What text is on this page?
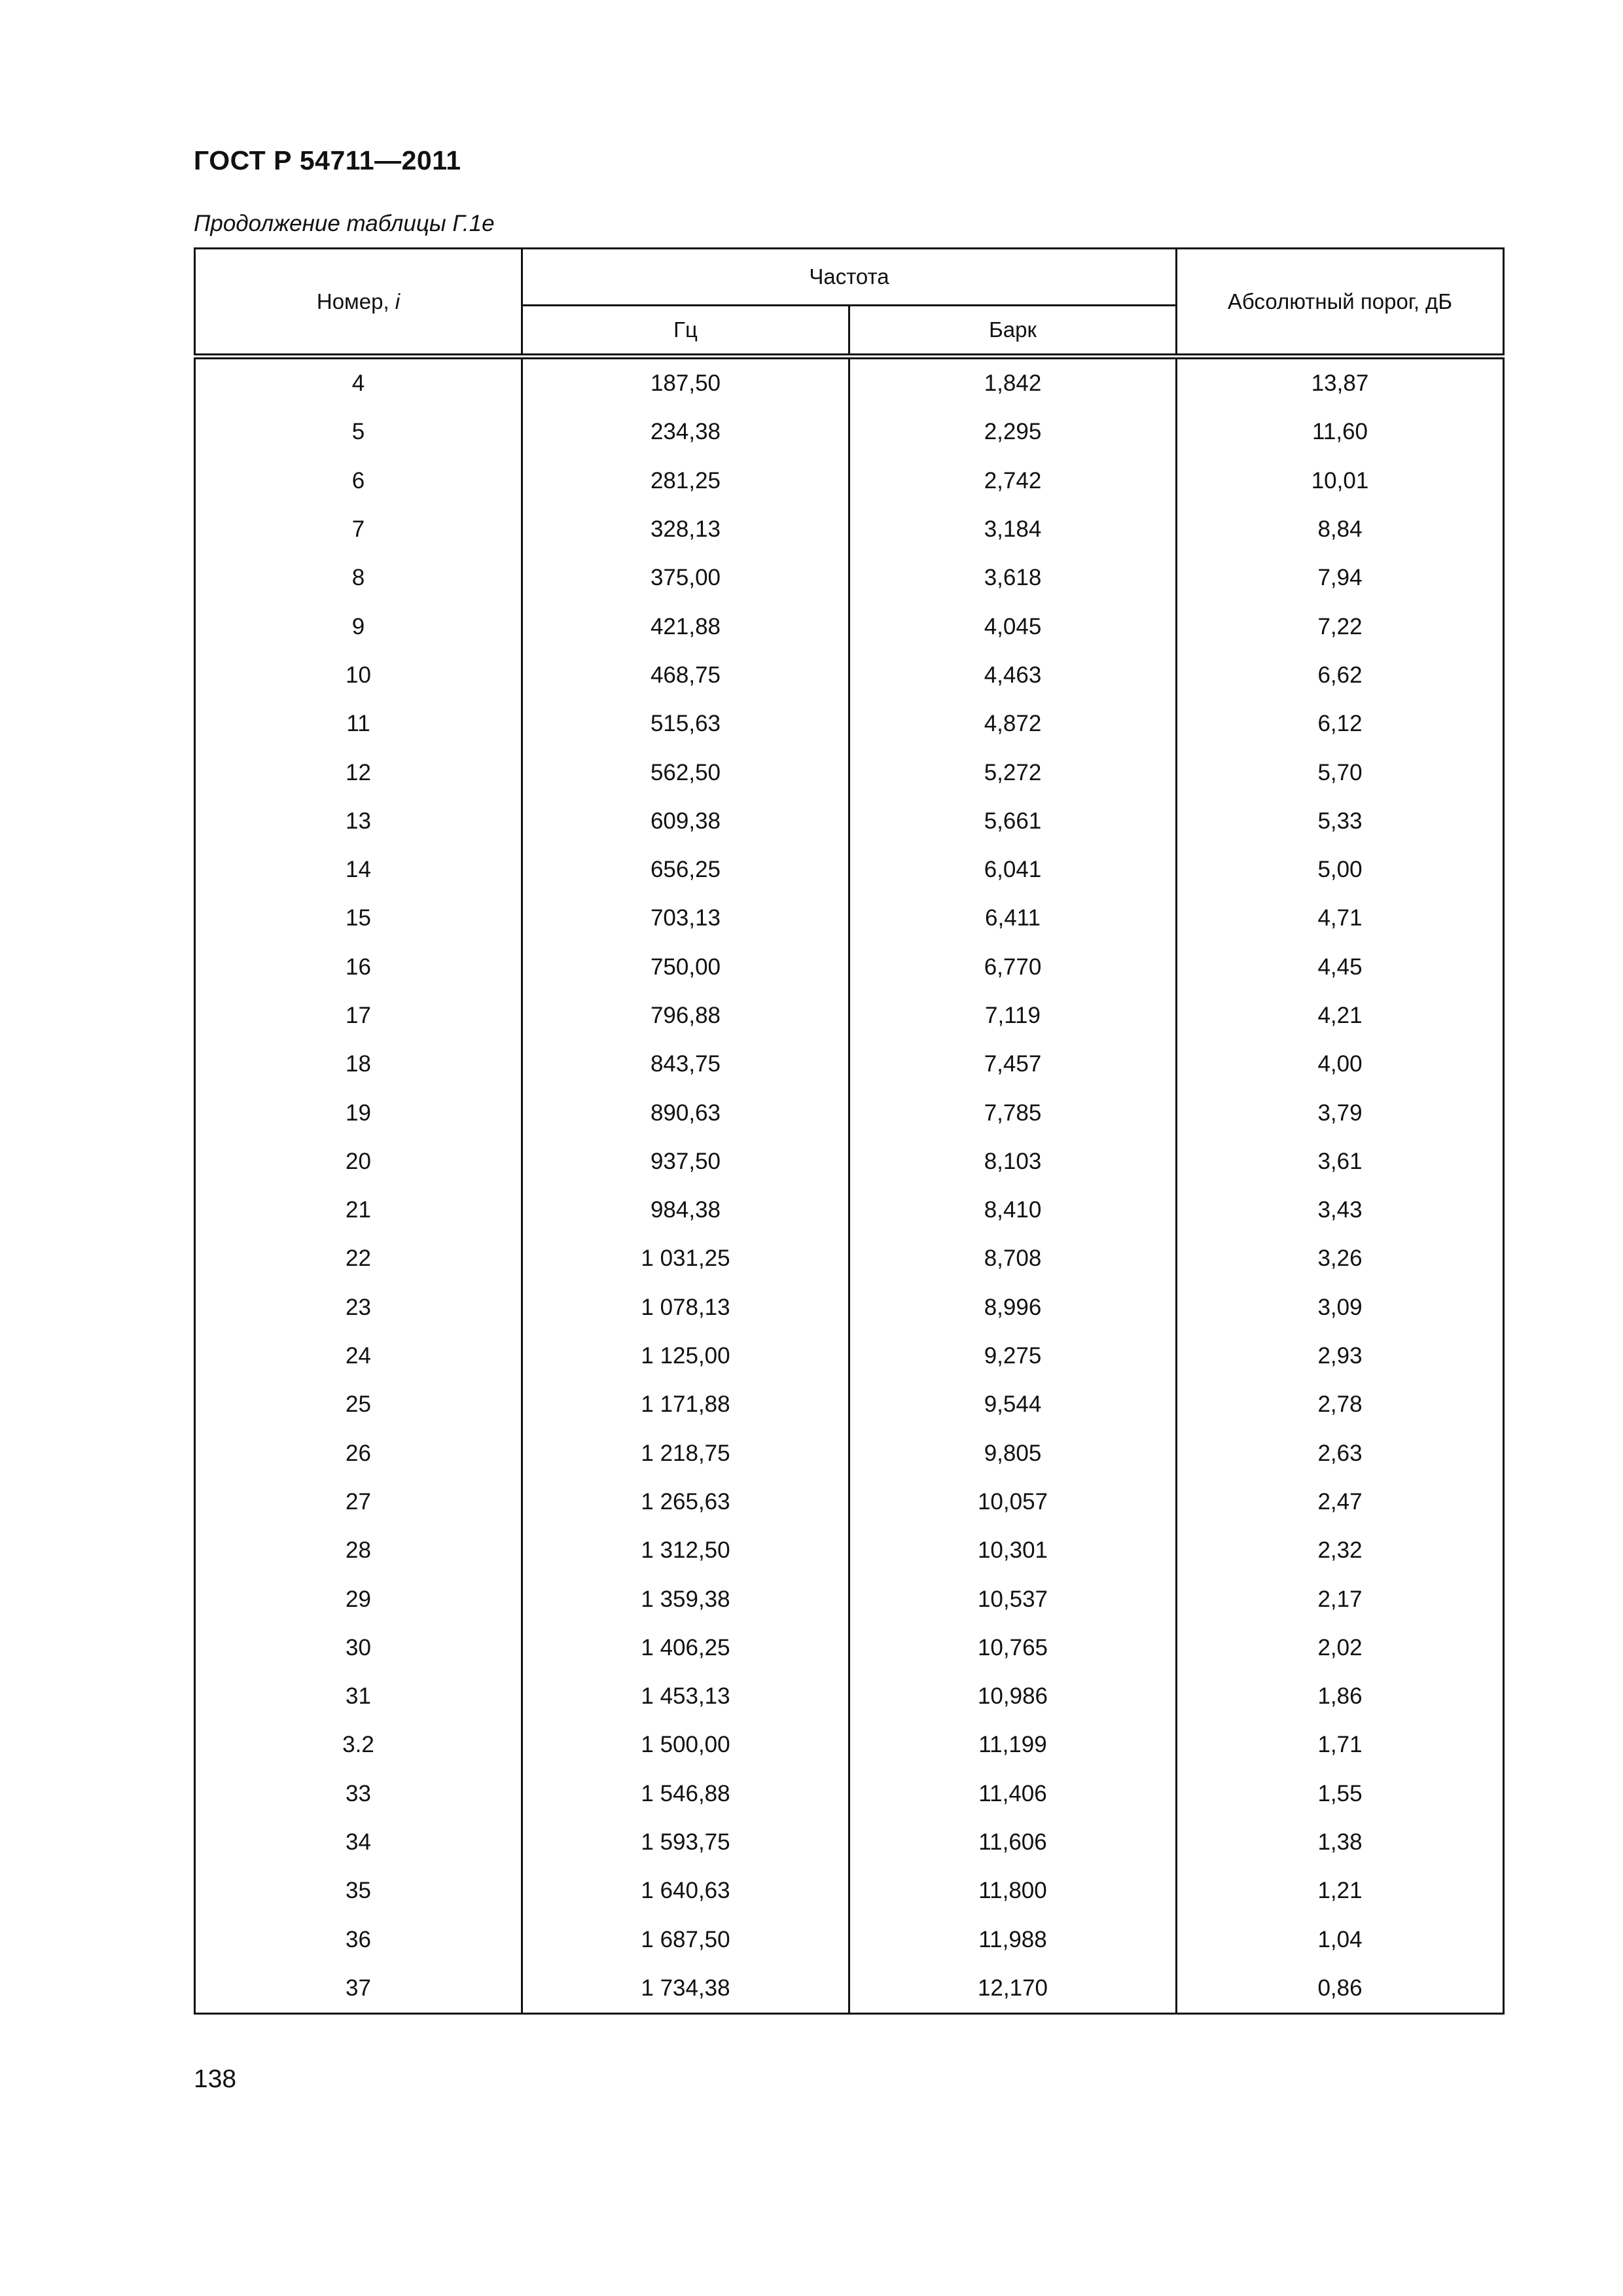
ГОСТ Р 54711—2011
Продолжение таблицы Г.1е
Номер, i	Частота		Абсолютный порог, дБ
	Гц	Барк	
4	187,50	1,842	13,87
5	234,38	2,295	11,60
6	281,25	2,742	10,01
7	328,13	3,184	8,84
8	375,00	3,618	7,94
9	421,88	4,045	7,22
10	468,75	4,463	6,62
11	515,63	4,872	6,12
12	562,50	5,272	5,70
13	609,38	5,661	5,33
14	656,25	6,041	5,00
15	703,13	6,411	4,71
16	750,00	6,770	4,45
17	796,88	7,119	4,21
18	843,75	7,457	4,00
19	890,63	7,785	3,79
20	937,50	8,103	3,61
21	984,38	8,410	3,43
22	1 031,25	8,708	3,26
23	1 078,13	8,996	3,09
24	1 125,00	9,275	2,93
25	1 171,88	9,544	2,78
26	1 218,75	9,805	2,63
27	1 265,63	10,057	2,47
28	1 312,50	10,301	2,32
29	1 359,38	10,537	2,17
30	1 406,25	10,765	2,02
31	1 453,13	10,986	1,86
3.2	1 500,00	11,199	1,71
33	1 546,88	11,406	1,55
34	1 593,75	11,606	1,38
35	1 640,63	11,800	1,21
36	1 687,50	11,988	1,04
37	1 734,38	12,170	0,86
138
